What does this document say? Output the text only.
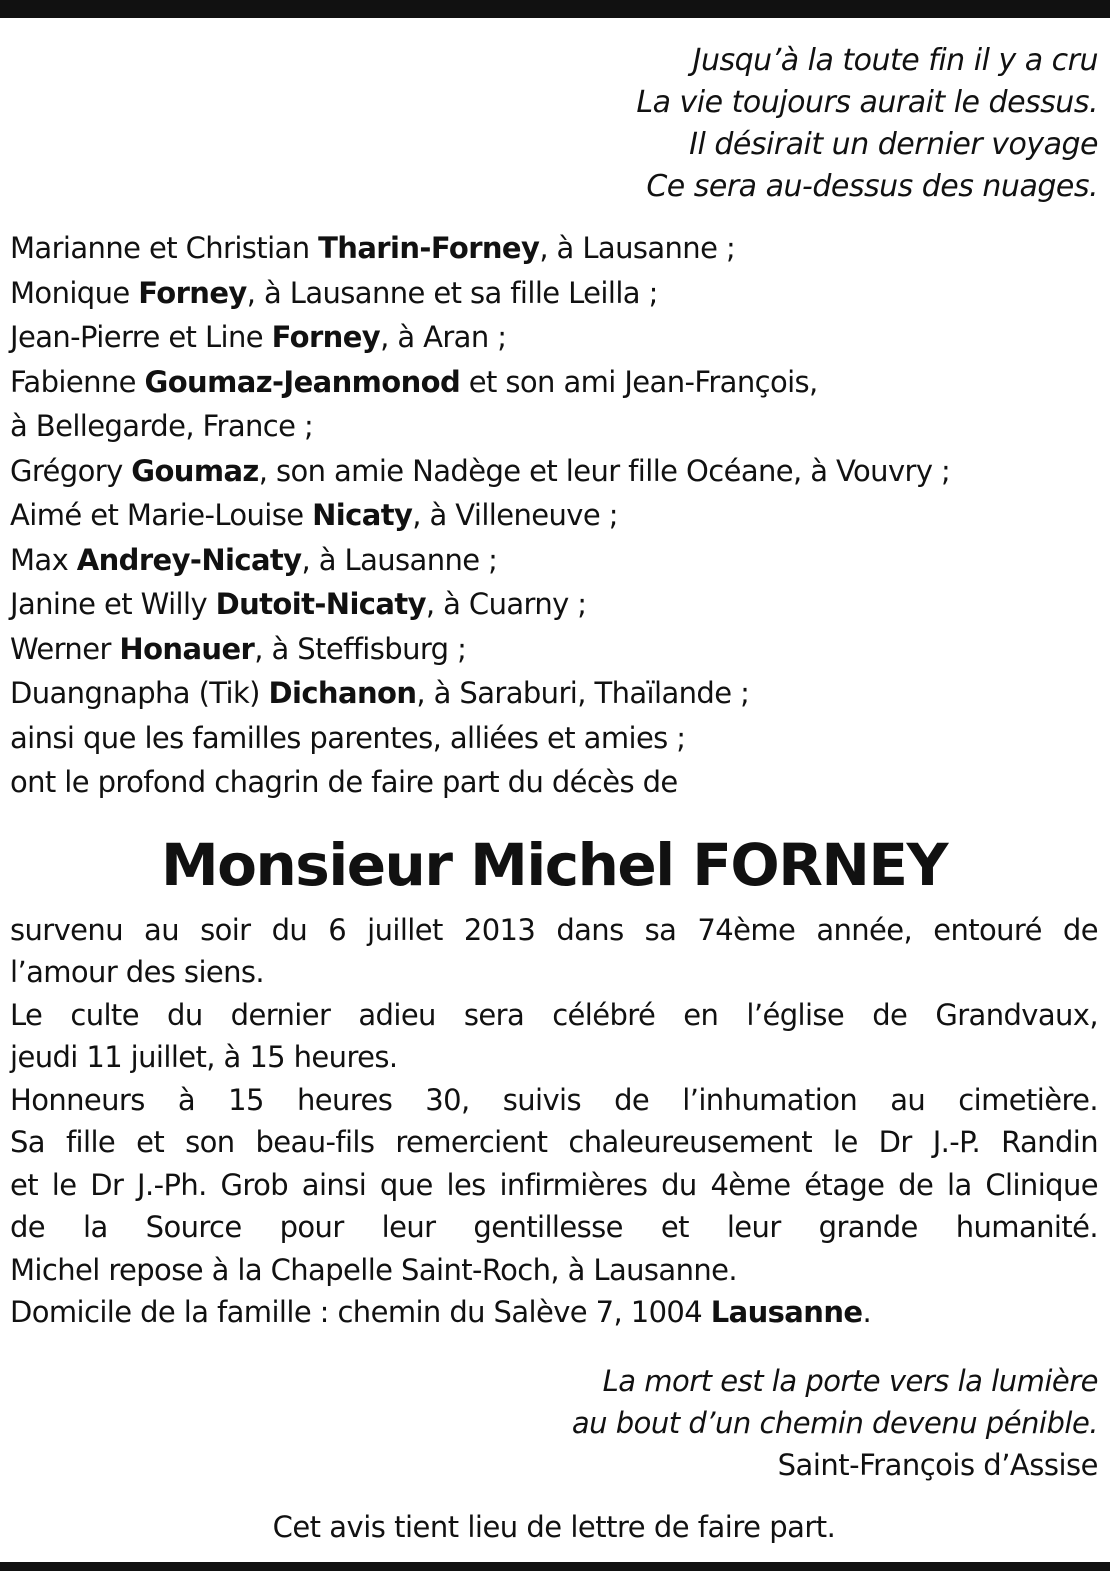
Jusqu’à la toute fin il y a cru
La vie toujours aurait le dessus.
Il désirait un dernier voyage
Ce sera au-dessus des nuages.
Marianne et Christian Tharin-Forney, à Lausanne ;
Monique Forney, à Lausanne et sa fille Leilla ;
Jean-Pierre et Line Forney, à Aran ;
Fabienne Goumaz-Jeanmonod et son ami Jean-François,
à Bellegarde, France ;
Grégory Goumaz, son amie Nadège et leur fille Océane, à Vouvry ;
Aimé et Marie-Louise Nicaty, à Villeneuve ;
Max Andrey-Nicaty, à Lausanne ;
Janine et Willy Dutoit-Nicaty, à Cuarny ;
Werner Honauer, à Steffisburg ;
Duangnapha (Tik) Dichanon, à Saraburi, Thaïlande ;
ainsi que les familles parentes, alliées et amies ;
ont le profond chagrin de faire part du décès de
Monsieur Michel FORNEY
survenu au soir du 6 juillet 2013 dans sa 74ème année, entouré de
l’amour des siens.
Le culte du dernier adieu sera célébré en l’église de Grandvaux,
jeudi 11 juillet, à 15 heures.
Honneurs à 15 heures 30, suivis de l’inhumation au cimetière.
Sa fille et son beau-fils remercient chaleureusement le Dr J.-P. Randin
et le Dr J.-Ph. Grob ainsi que les infirmières du 4ème étage de la Clinique
de la Source pour leur gentillesse et leur grande humanité.
Michel repose à la Chapelle Saint-Roch, à Lausanne.
Domicile de la famille : chemin du Salève 7, 1004 Lausanne.
La mort est la porte vers la lumière
au bout d’un chemin devenu pénible.
Saint-François d’Assise
Cet avis tient lieu de lettre de faire part.
